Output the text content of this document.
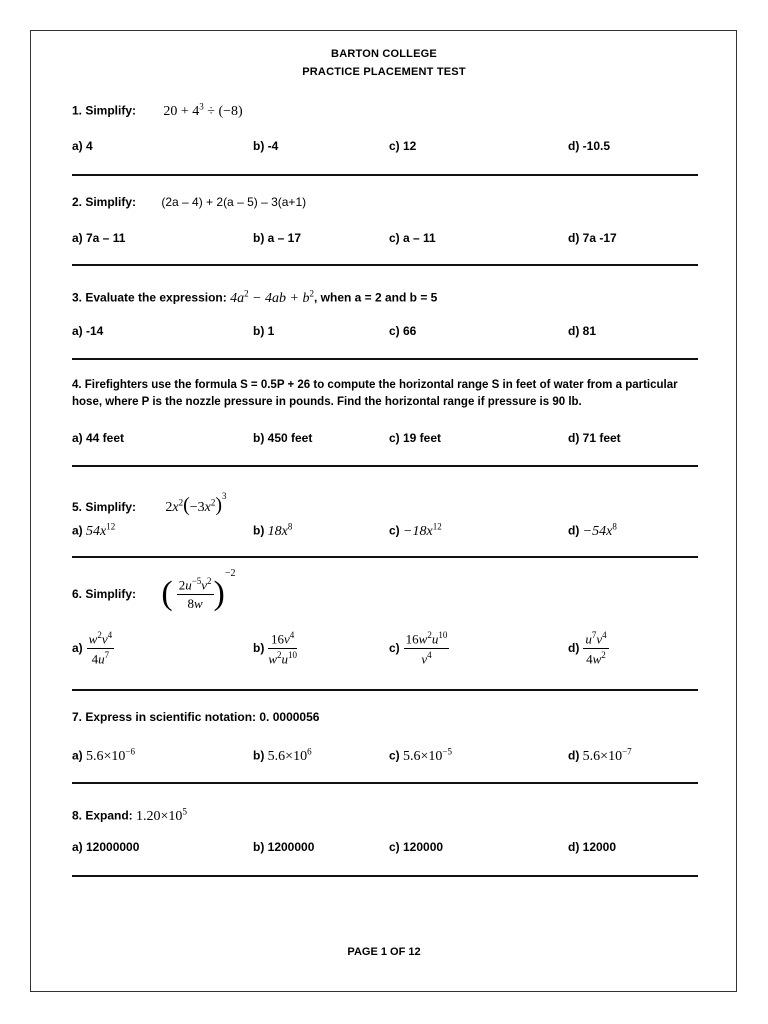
BARTON COLLEGE
PRACTICE PLACEMENT TEST
1. Simplify: $20 + 4^3 \div (-8)$
a) 4	b) -4	c) 12	d) -10.5
2. Simplify: (2a – 4) + 2(a – 5) – 3(a+1)
a) 7a – 11	b) a – 17	c) a – 11	d) 7a -17
3. Evaluate the expression: $4a^2 - 4ab + b^2$, when a = 2 and b = 5
a) -14	b) 1	c) 66	d) 81
4. Firefighters use the formula S = 0.5P + 26 to compute the horizontal range S in feet of water from a particular hose, where P is the nozzle pressure in pounds. Find the horizontal range if pressure is 90 lb.
a) 44 feet	b) 450 feet	c) 19 feet	d) 71 feet
5. Simplify: $2x^2(-3x^2)^3$
a) $54x^{12}$	b) $18x^8$	$c) -18x^{12}$	$d) -54x^8$
6. Simplify: ( $\frac{2u^{-5}v^2}{8w} )^{-2}$
$a) \frac{w^2v^4}{4u^7}$	$b) \frac{16v^4}{w^2u^{10}}$	$c) \frac{16w^2u^{10}}{v^4}$	$d) \frac{u^7v^4}{4w^2}$
7. Express in scientific notation: 0. 0000056
a) $5.6\times 10^{-6}$	b) $5.6\times 10^6$	c) $5.6\times 10^{-5}$	d) $5.6\times 10^{-7}$
8. Expand: $1.20\times 10^5$
a) 12000000	b) 1200000	c) 120000	d) 12000
PAGE 1 OF 12
